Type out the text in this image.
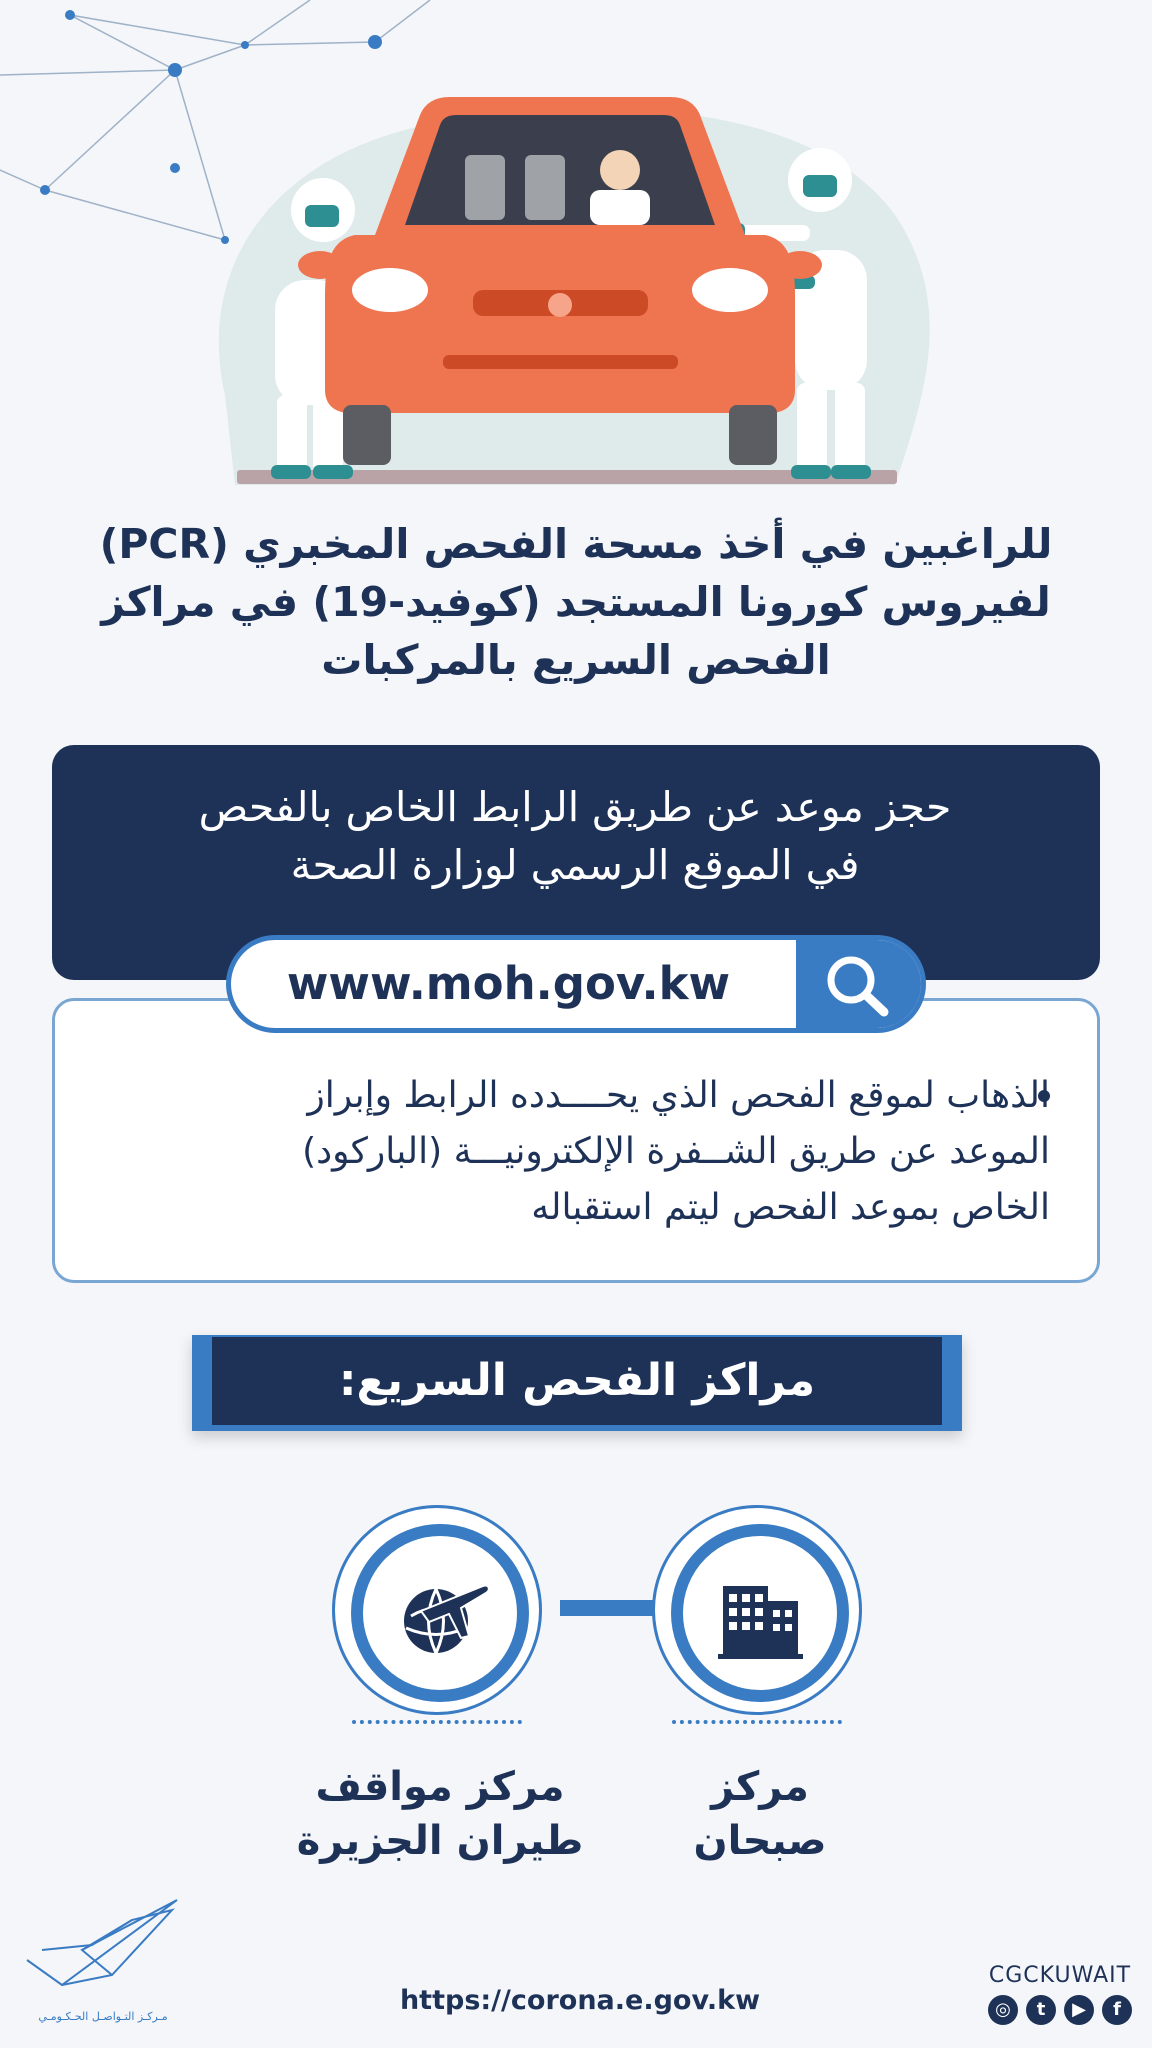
للراغبين في أخذ مسحة الفحص المخبري (PCR)
لفيروس كورونا المستجد (كوفيد-19) في مراكز
الفحص السريع بالمركبات
حجز موعد عن طريق الرابط الخاص بالفحص
في الموقع الرسمي لوزارة الصحة
الذهاب لموقع الفحص الذي يحــــدده الرابط وإبراز
الموعد عن طريق الشــفرة الإلكترونيـــة (الباركود)
الخاص بموعد الفحص ليتم استقباله
www.moh.gov.kw
مراكز الفحص السريع:
مركز
صبحان
مركز مواقف
طيران الجزيرة
مـركـز التـواصـل الحـكـومـي
https://corona.e.gov.kw
CGCKUWAIT
◎	t	▶	f
